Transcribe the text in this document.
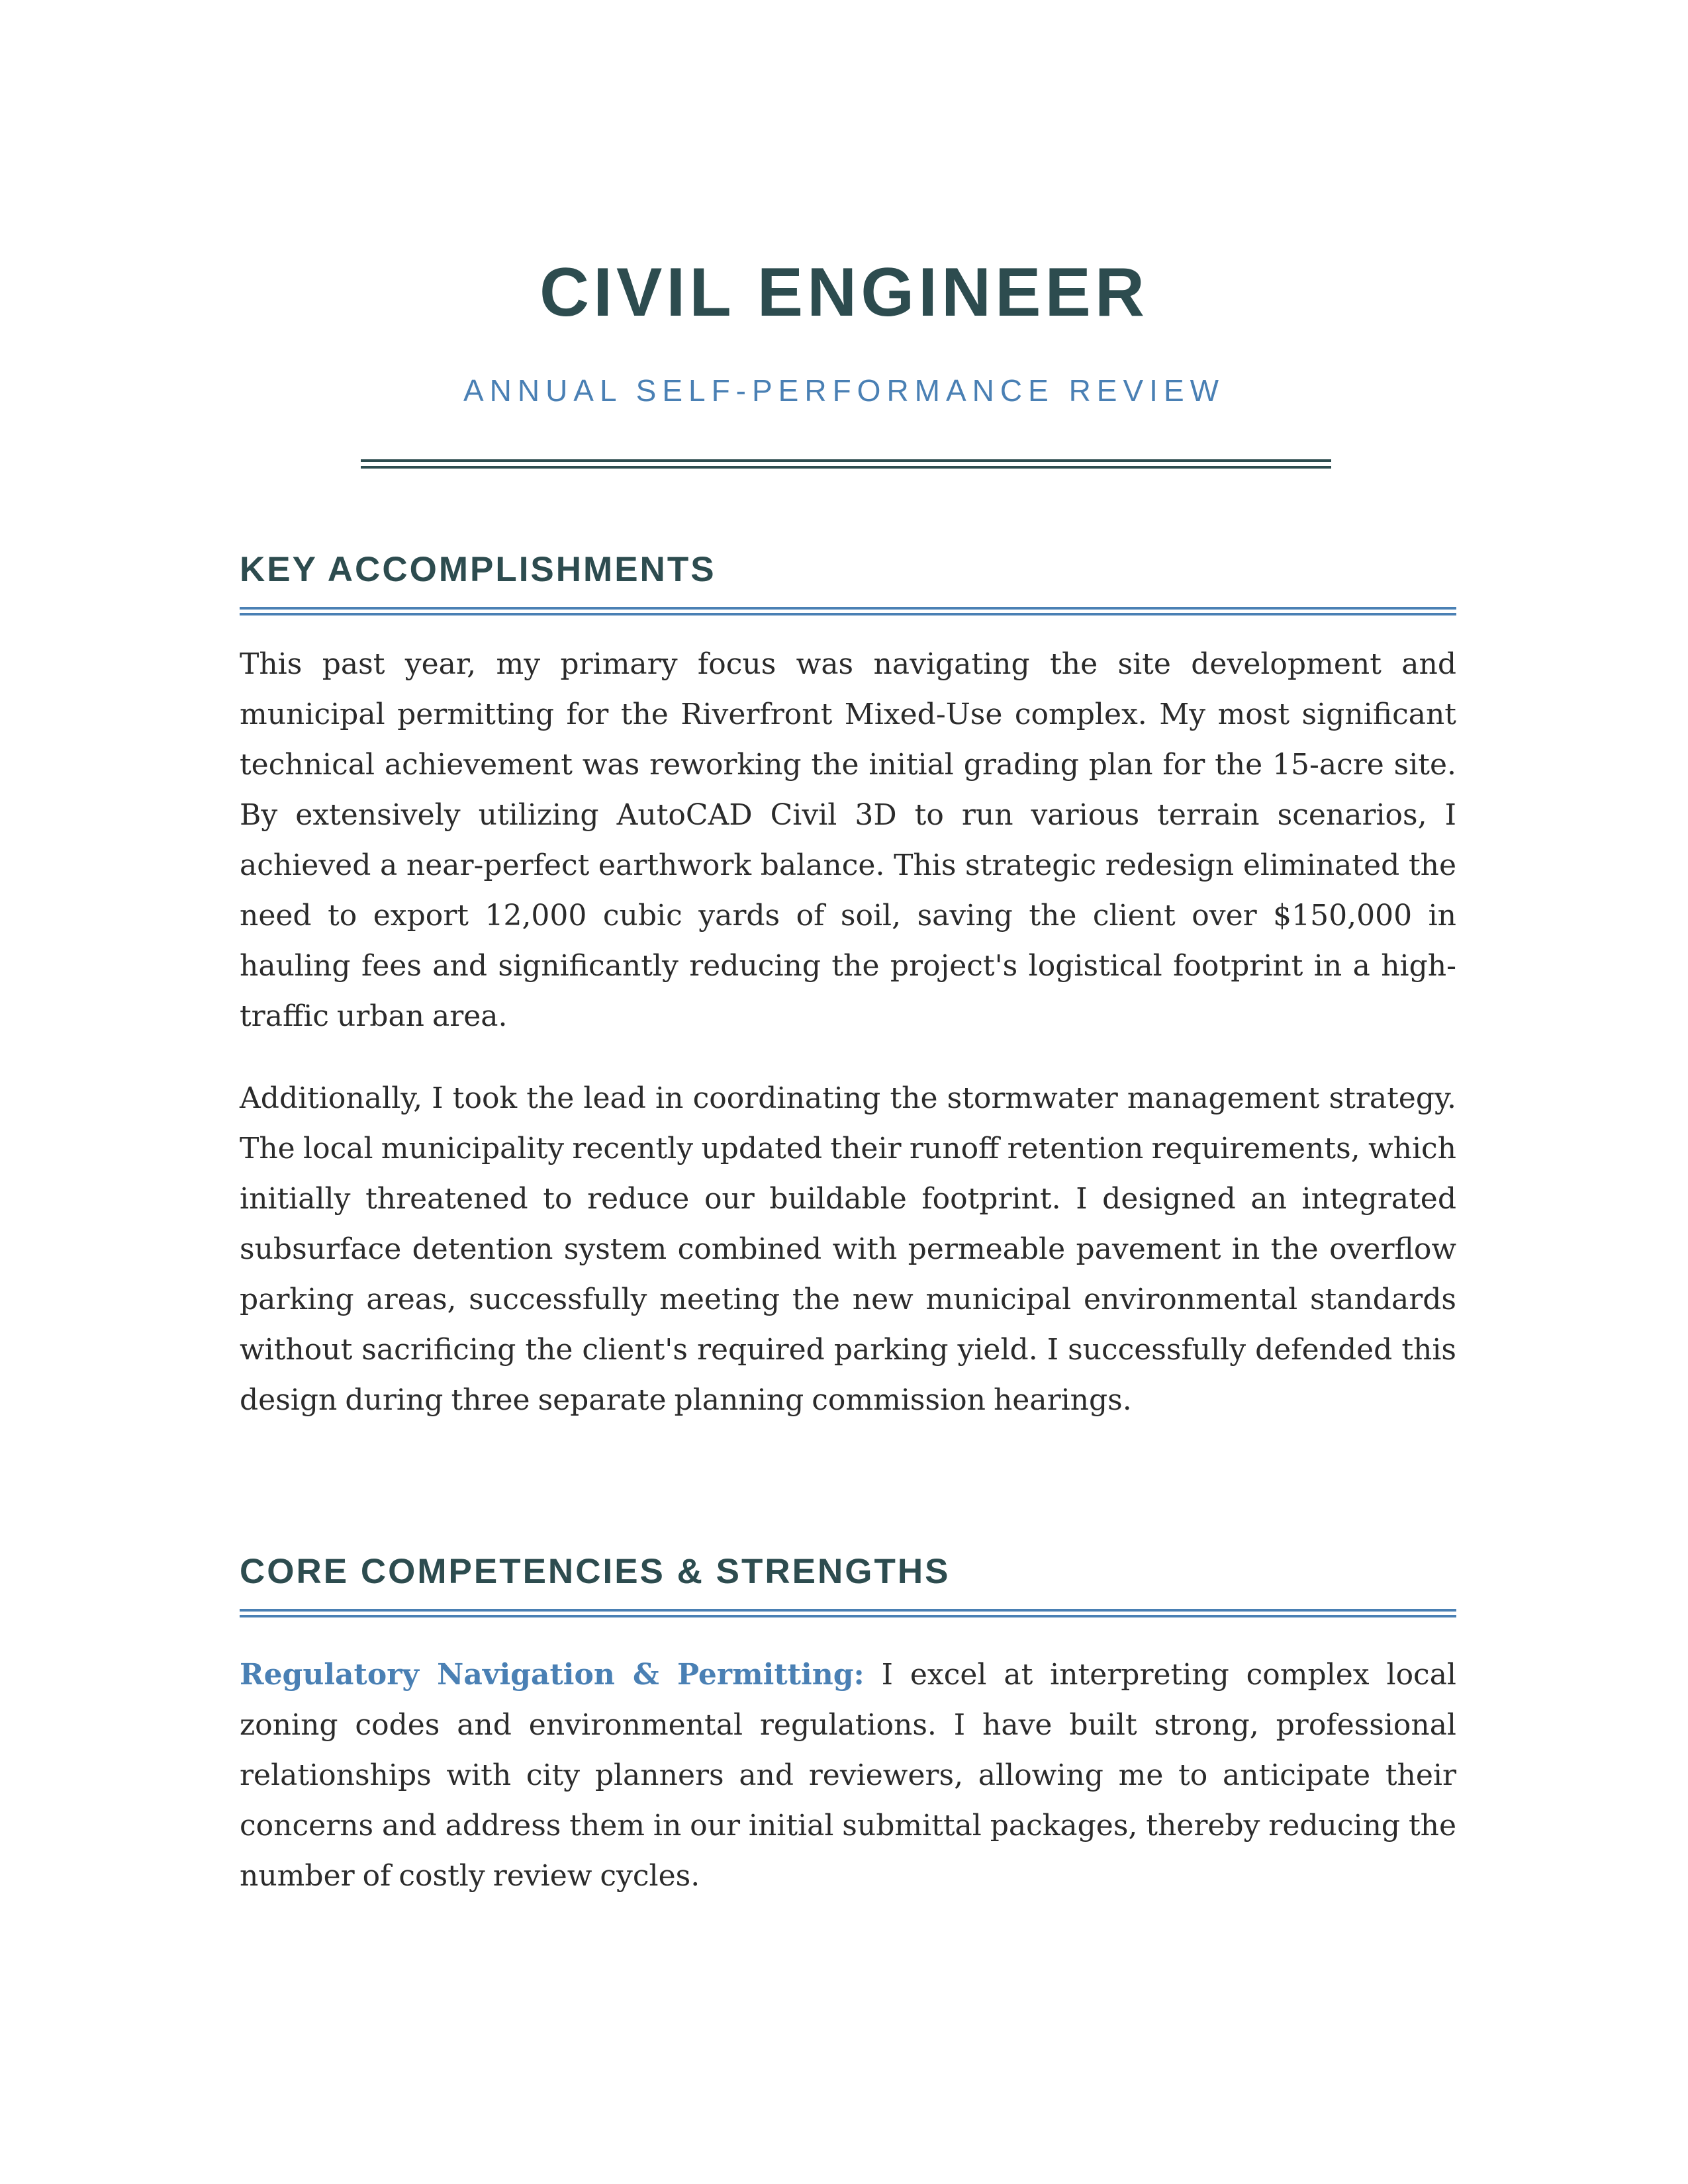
CIVIL ENGINEER
ANNUAL SELF-PERFORMANCE REVIEW
KEY ACCOMPLISHMENTS

This past year, my primary focus was navigating the site development and municipal permitting for the Riverfront Mixed-Use complex. My most significant technical achievement was reworking the initial grading plan for the 15-acre site. By extensively utilizing AutoCAD Civil 3D to run various terrain scenarios, I achieved a near-perfect earthwork balance. This strategic redesign eliminated the need to export 12,000 cubic yards of soil, saving the client over $150,000 in hauling fees and significantly reducing the project's logistical footprint in a high-traffic urban area.

Additionally, I took the lead in coordinating the stormwater management strategy. The local municipality recently updated their runoff retention requirements, which initially threatened to reduce our buildable footprint. I designed an integrated subsurface detention system combined with permeable pavement in the overflow parking areas, successfully meeting the new municipal environmental standards without sacrificing the client's required parking yield. I successfully defended this design during three separate planning commission hearings.

CORE COMPETENCIES & STRENGTHS

Regulatory Navigation & Permitting: I excel at interpreting complex local zoning codes and environmental regulations. I have built strong, professional relationships with city planners and reviewers, allowing me to anticipate their concerns and address them in our initial submittal packages, thereby reducing the number of costly review cycles.
